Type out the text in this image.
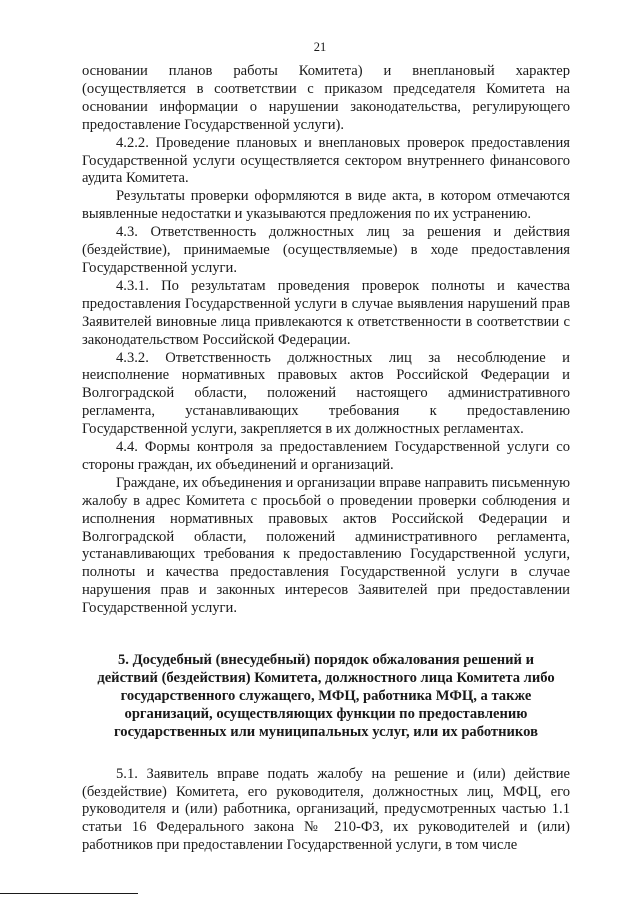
21

основании планов работы Комитета) и внеплановый характер (осуществляется в соответствии с приказом председателя Комитета на основании информации о нарушении законодательства, регулирующего предоставление Государственной услуги).

4.2.2. Проведение плановых и внеплановых проверок предоставления Государственной услуги осуществляется сектором внутреннего финансового аудита Комитета.

Результаты проверки оформляются в виде акта, в котором отмечаются выявленные недостатки и указываются предложения по их устранению.

4.3. Ответственность должностных лиц за решения и действия (бездействие), принимаемые (осуществляемые) в ходе предоставления Государственной услуги.

4.3.1. По результатам проведения проверок полноты и качества предоставления Государственной услуги в случае выявления нарушений прав Заявителей виновные лица привлекаются к ответственности в соответствии с законодательством Российской Федерации.

4.3.2. Ответственность должностных лиц за несоблюдение и неисполнение нормативных правовых актов Российской Федерации и Волгоградской области, положений настоящего административного регламента, устанавливающих требования к предоставлению Государственной услуги, закрепляется в их должностных регламентах.

4.4. Формы контроля за предоставлением Государственной услуги со стороны граждан, их объединений и организаций.

Граждане, их объединения и организации вправе направить письменную жалобу в адрес Комитета с просьбой о проведении проверки соблюдения и исполнения нормативных правовых актов Российской Федерации и Волгоградской области, положений административного регламента, устанавливающих требования к предоставлению Государственной услуги, полноты и качества предоставления Государственной услуги в случае нарушения прав и законных интересов Заявителей при предоставлении Государственной услуги.

5. Досудебный (внесудебный) порядок обжалования решений и действий (бездействия) Комитета, должностного лица Комитета либо государственного служащего, МФЦ, работника МФЦ, а также организаций, осуществляющих функции по предоставлению государственных или муниципальных услуг, или их работников

5.1. Заявитель вправе подать жалобу на решение и (или) действие (бездействие) Комитета, его руководителя, должностных лиц, МФЦ, его руководителя и (или) работника, организаций, предусмотренных частью 1.1 статьи 16 Федерального закона № 210-ФЗ, их руководителей и (или) работников при предоставлении Государственной услуги, в том числе
